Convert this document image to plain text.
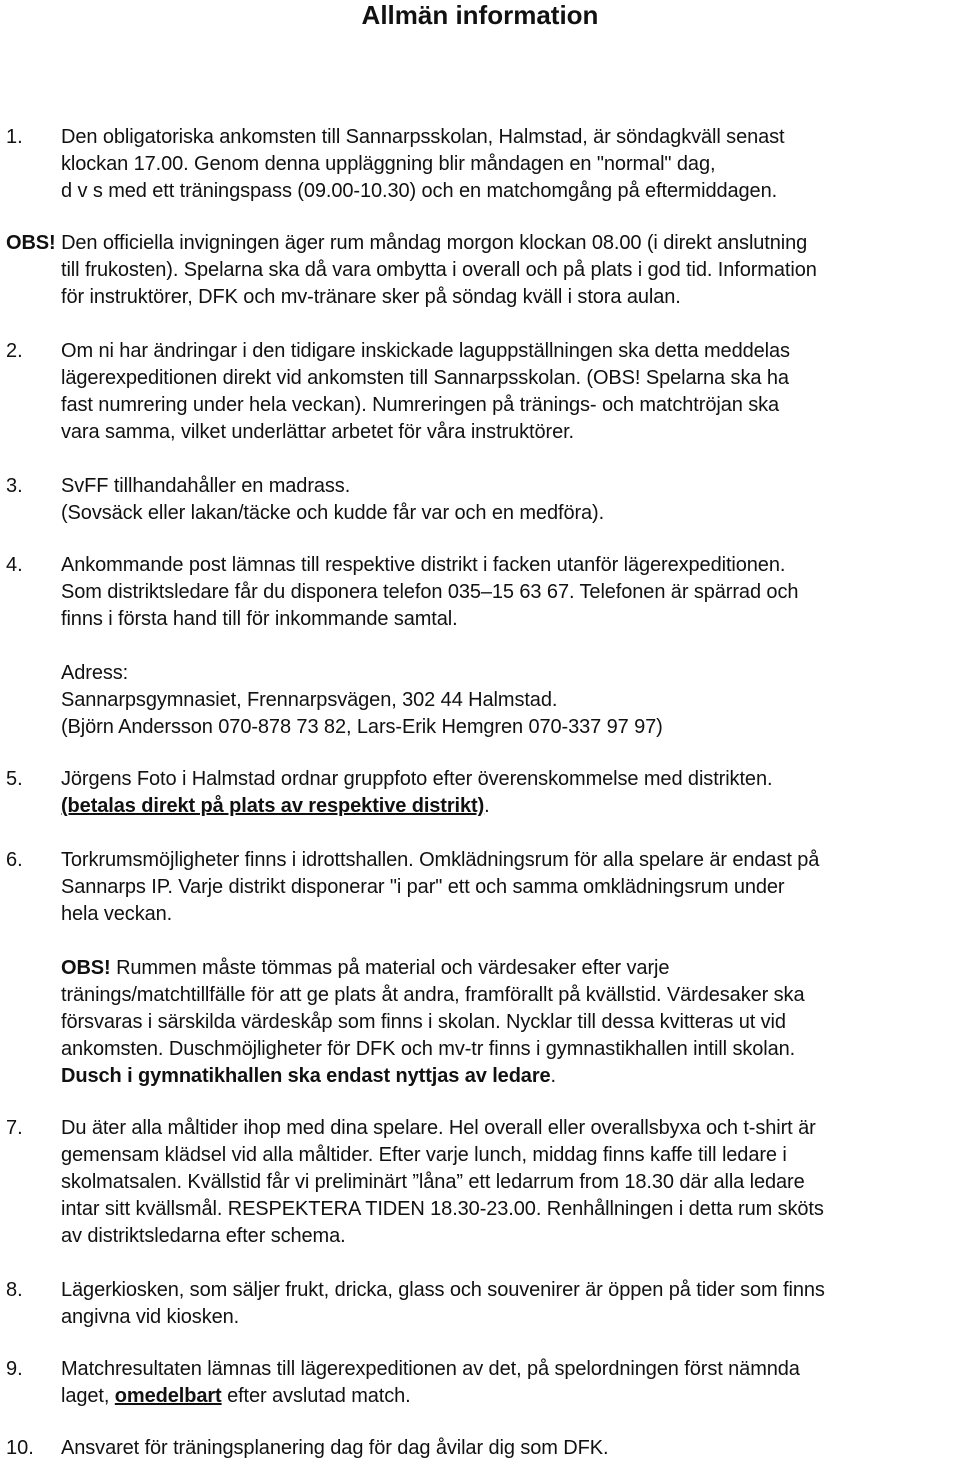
Allmän information
1. Den obligatoriska ankomsten till Sannarpsskolan, Halmstad, är söndagkväll senast
klockan 17.00. Genom denna uppläggning blir måndagen en "normal" dag,
d v s med ett träningspass (09.00-10.30) och en matchomgång på eftermiddagen.
OBS! Den officiella invigningen äger rum måndag morgon klockan 08.00 (i direkt anslutning
till frukosten). Spelarna ska då vara ombytta i overall och på plats i god tid. Information
för instruktörer, DFK och mv-tränare sker på söndag kväll i stora aulan.
2. Om ni har ändringar i den tidigare inskickade laguppställningen ska detta meddelas
lägerexpeditionen direkt vid ankomsten till Sannarpsskolan. (OBS! Spelarna ska ha
fast numrering under hela veckan). Numreringen på tränings- och matchtröjan ska
vara samma, vilket underlättar arbetet för våra instruktörer.
3. SvFF tillhandahåller en madrass.
(Sovsäck eller lakan/täcke och kudde får var och en medföra).
4. Ankommande post lämnas till respektive distrikt i facken utanför lägerexpeditionen.
Som distriktsledare får du disponera telefon 035–15 63 67. Telefonen är spärrad och
finns i första hand till för inkommande samtal.
Adress:
Sannarpsgymnasiet, Frennarpsvägen, 302 44 Halmstad.
(Björn Andersson 070-878 73 82, Lars-Erik Hemgren 070-337 97 97)
5. Jörgens Foto i Halmstad ordnar gruppfoto efter överenskommelse med distrikten.
(betalas direkt på plats av respektive distrikt).
6. Torkrumsmöjligheter finns i idrottshallen. Omklädningsrum för alla spelare är endast på
Sannarps IP. Varje distrikt disponerar "i par" ett och samma omklädningsrum under
hela veckan.
OBS! Rummen måste tömmas på material och värdesaker efter varje
tränings/matchtillfälle för att ge plats åt andra, framförallt på kvällstid. Värdesaker ska
försvaras i särskilda värdeskåp som finns i skolan. Nycklar till dessa kvitteras ut vid
ankomsten. Duschmöjligheter för DFK och mv-tr finns i gymnastikhallen intill skolan.
Dusch i gymnatikhallen ska endast nyttjas av ledare.
7. Du äter alla måltider ihop med dina spelare. Hel overall eller overallsbyxa och t-shirt är
gemensam klädsel vid alla måltider. Efter varje lunch, middag finns kaffe till ledare i
skolmatsalen. Kvällstid får vi preliminärt ”låna” ett ledarrum from 18.30 där alla ledare
intar sitt kvällsmål. RESPEKTERA TIDEN 18.30-23.00. Renhållningen i detta rum sköts
av distriktsledarna efter schema.
8. Lägerkiosken, som säljer frukt, dricka, glass och souvenirer är öppen på tider som finns
angivna vid kiosken.
9. Matchresultaten lämnas till lägerexpeditionen av det, på spelordningen först nämnda
laget, omedelbart efter avslutad match.
10. Ansvaret för träningsplanering dag för dag åvilar dig som DFK.
